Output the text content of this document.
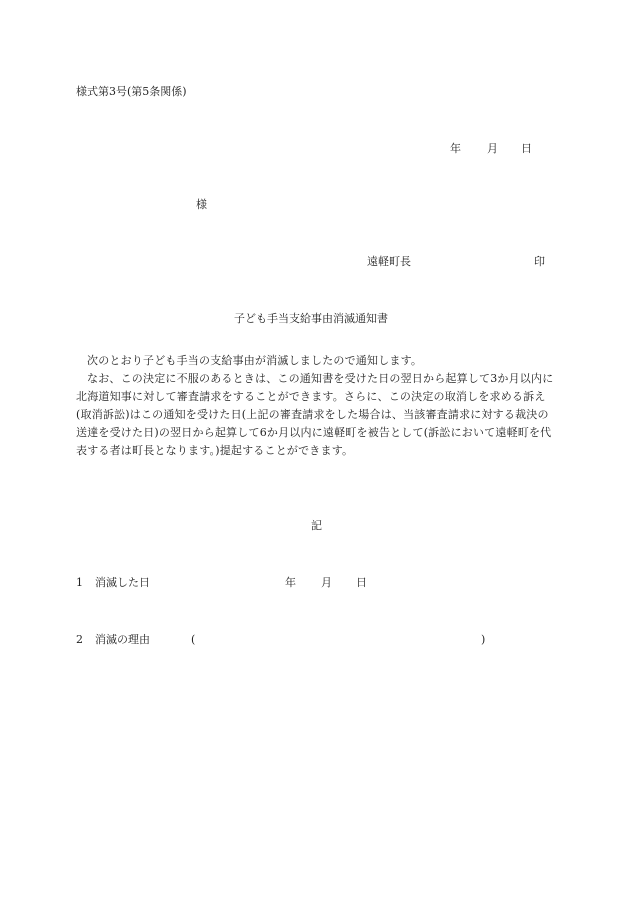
様式第3号(第5条関係)
年 月 日
様
遠軽町長	印
子ども手当支給事由消滅通知書

次のとおり子ども手当の支給事由が消滅しましたので通知します。

なお、この決定に不服のあるときは、この通知書を受けた日の翌日から起算して3か月以内に北海道知事に対して審査請求をすることができます。さらに、この決定の取消しを求める訴え(取消訴訟)はこの通知を受けた日(上記の審査請求をした場合は、当該審査請求に対する裁決の送達を受けた日)の翌日から起算して6か月以内に遠軽町を被告として(訴訟において遠軽町を代表する者は町長となります。)提起することができます。

記
1 消滅した日	年 月 日
2 消滅の理由	(	)
